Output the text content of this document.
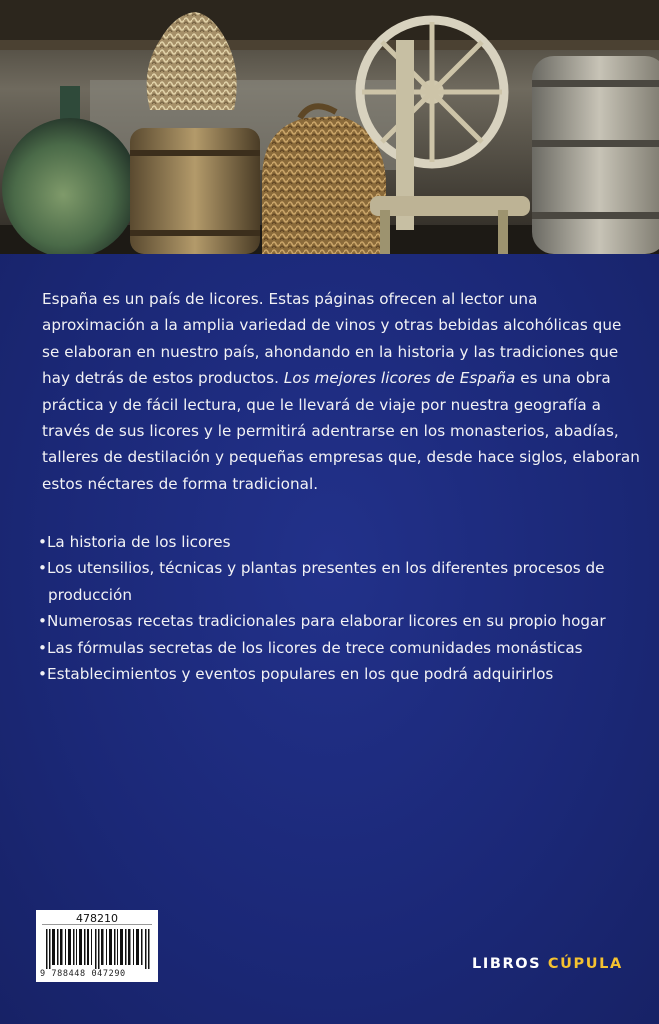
España es un país de licores. Estas páginas ofrecen al lector una aproximación a la amplia variedad de vinos y otras bebidas alcohólicas que se elaboran en nuestro país, ahondando en la historia y las tradiciones que hay detrás de estos productos. Los mejores licores de España es una obra práctica y de fácil lectura, que le llevará de viaje por nuestra geografía a través de sus licores y le permitirá adentrarse en los monasterios, abadías, talleres de destilación y pequeñas empresas que, desde hace siglos, elaboran estos néctares de forma tradicional.

• La historia de los licores
• Los utensilios, técnicas y plantas presentes en los diferentes procesos de producción
• Numerosas recetas tradicionales para elaborar licores en su propio hogar
• Las fórmulas secretas de los licores de trece comunidades monásticas
• Establecimientos y eventos populares en los que podrá adquirirlos
478210
9 788448 047290
LIBROS CÚPULA
